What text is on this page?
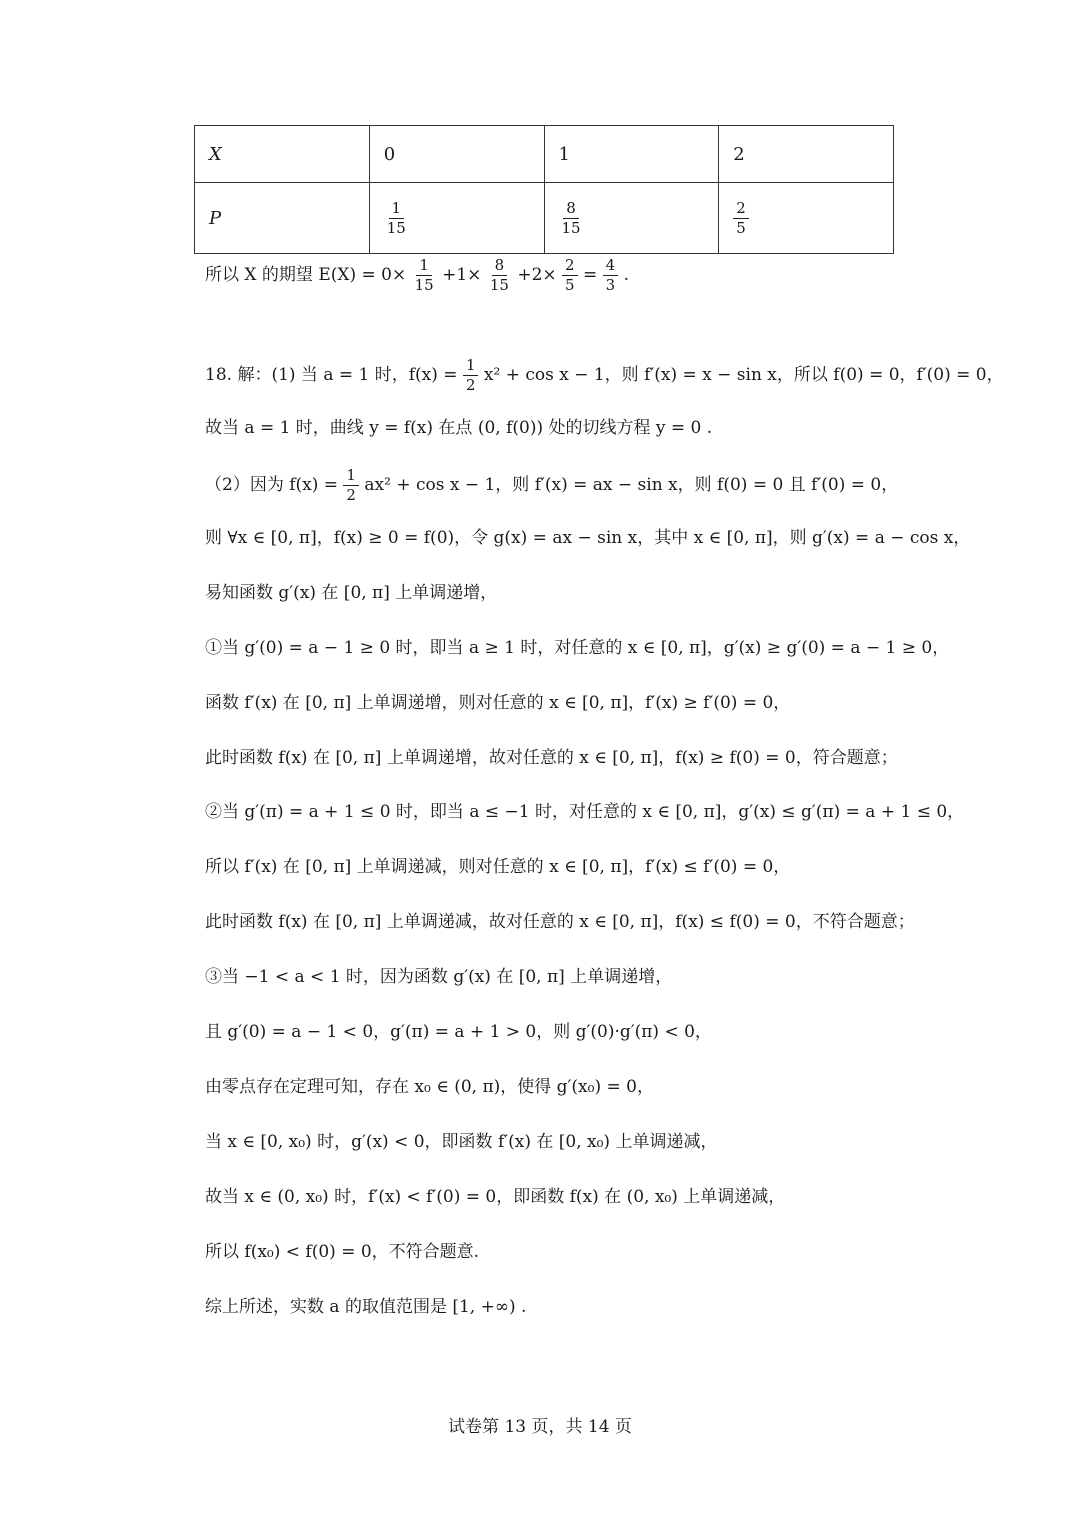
X	0	1	2
P	$\frac{1}{15}$	$\frac{8}{15}$	$\frac{2}{5}$
所以 X 的期望 $E(X) = 0\times \frac{1}{15} +1\times \frac{8}{15} +2\times \frac{2}{5} = \frac{4}{3}$ .
18. 解：(1) 当 a = 1 时，$f(x) = \frac{1}{2} x^2 + \cos x - 1$，则 f′(x) = x − sin x，所以 f(0) = 0，f′(0) = 0，
故当 a = 1 时，曲线 y = f(x) 在点 (0, f(0)) 处的切线方程 y = 0 .
（2）因为 $f(x) = \frac{1}{2} ax^2 + \cos x - 1$，则 f′(x) = ax − sin x，则 f(0) = 0 且 f′(0) = 0，
则 ∀x ∈ [0, π]，f(x) ≥ 0 = f(0)，令 g(x) = ax − sin x，其中 x ∈ [0, π]，则 g′(x) = a − cos x，
易知函数 g′(x) 在 [0, π] 上单调递增，
①当 g′(0) = a − 1 ≥ 0 时，即当 a ≥ 1 时，对任意的 x ∈ [0, π]，g′(x) ≥ g′(0) = a − 1 ≥ 0，
函数 f′(x) 在 [0, π] 上单调递增，则对任意的 x ∈ [0, π]，f′(x) ≥ f′(0) = 0，
此时函数 f(x) 在 [0, π] 上单调递增，故对任意的 x ∈ [0, π]，f(x) ≥ f(0) = 0，符合题意；
②当 g′(π) = a + 1 ≤ 0 时，即当 a ≤ −1 时，对任意的 x ∈ [0, π]，g′(x) ≤ g′(π) = a + 1 ≤ 0，
所以 f′(x) 在 [0, π] 上单调递减，则对任意的 x ∈ [0, π]，f′(x) ≤ f′(0) = 0，
此时函数 f(x) 在 [0, π] 上单调递减，故对任意的 x ∈ [0, π]，f(x) ≤ f(0) = 0，不符合题意；
③当 −1 < a < 1 时，因为函数 g′(x) 在 [0, π] 上单调递增，
且 g′(0) = a − 1 < 0，g′(π) = a + 1 > 0，则 g′(0)·g′(π) < 0，
由零点存在定理可知，存在 x₀ ∈ (0, π)，使得 g′(x₀) = 0，
当 x ∈ [0, x₀) 时，g′(x) < 0，即函数 f′(x) 在 [0, x₀) 上单调递减，
故当 x ∈ (0, x₀) 时，f′(x) < f′(0) = 0，即函数 f(x) 在 (0, x₀) 上单调递减，
所以 f(x₀) < f(0) = 0，不符合题意.
综上所述，实数 a 的取值范围是 [1, +∞) .
试卷第 13 页，共 14 页
